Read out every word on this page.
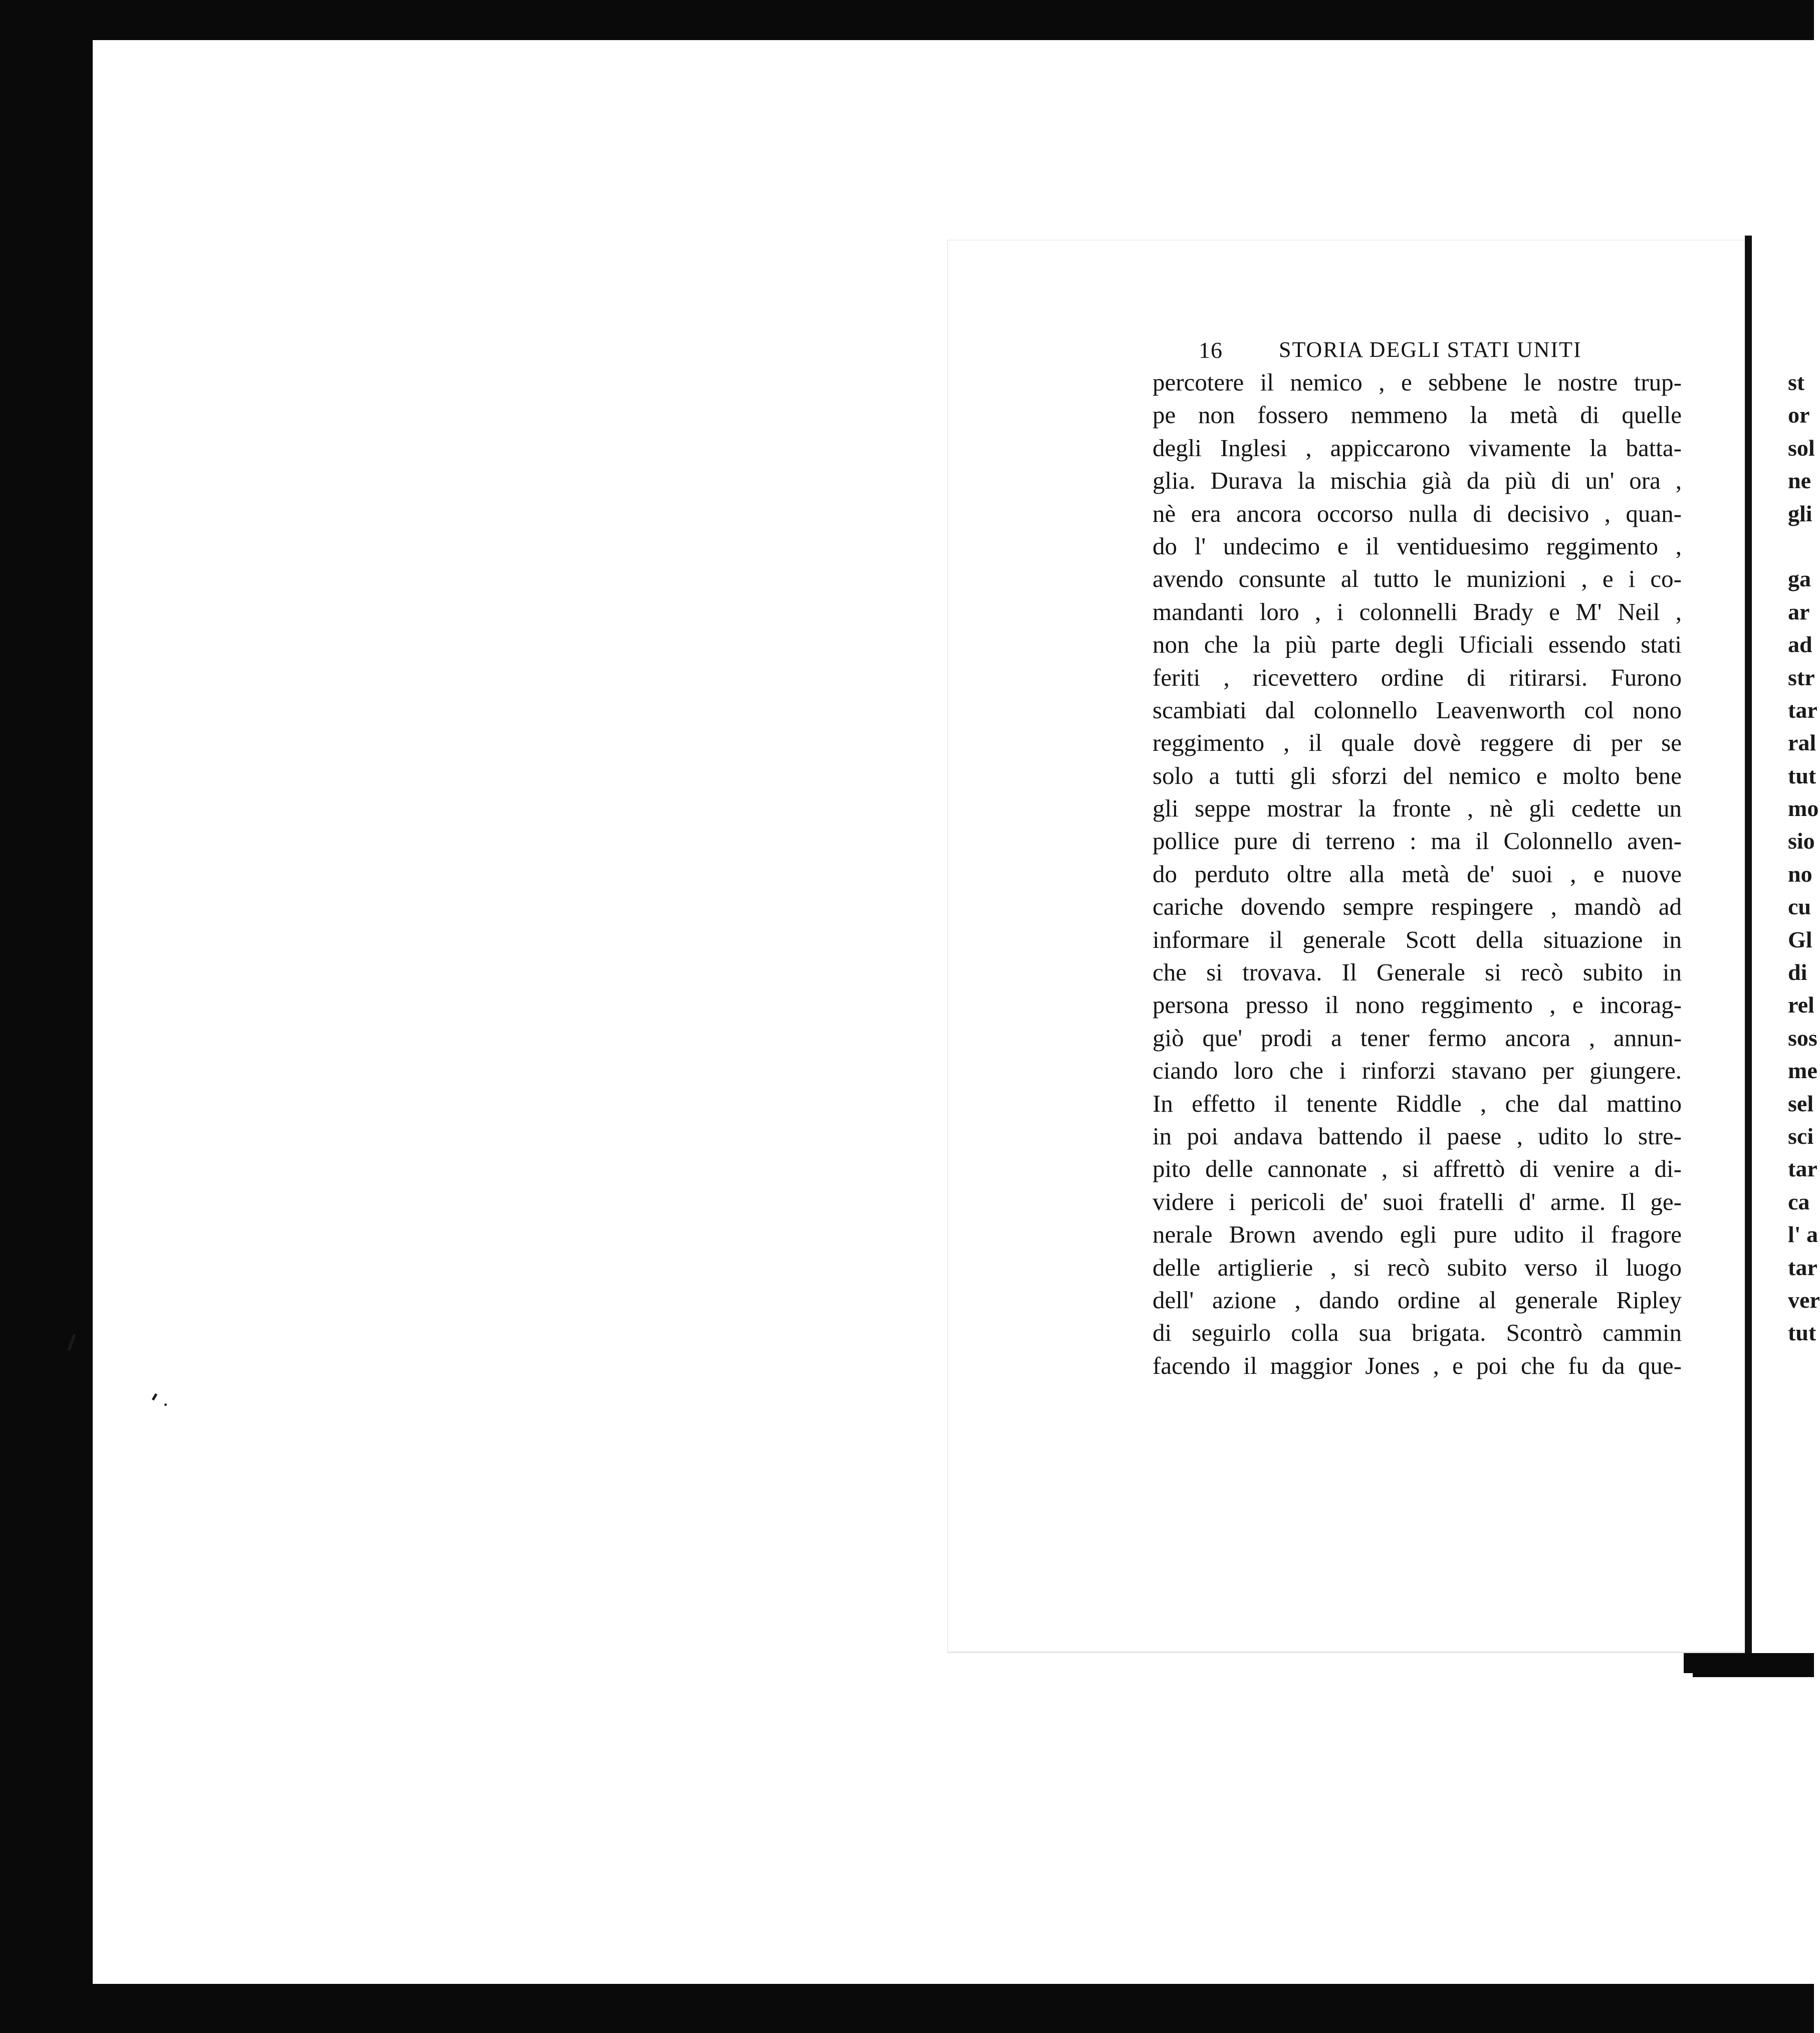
16	STORIA DEGLI STATI UNITI
percotere il nemico , e sebbene le nostre trup-
pe non fossero nemmeno la metà di quelle
degli Inglesi , appiccarono vivamente la batta-
glia. Durava la mischia già da più di un' ora ,
nè era ancora occorso nulla di decisivo , quan-
do l' undecimo e il ventiduesimo reggimento ,
avendo consunte al tutto le munizioni , e i co-
mandanti loro , i colonnelli Brady e M' Neil ,
non che la più parte degli Uficiali essendo stati
feriti , ricevettero ordine di ritirarsi. Furono
scambiati dal colonnello Leavenworth col nono
reggimento , il quale dovè reggere di per se
solo a tutti gli sforzi del nemico e molto bene
gli seppe mostrar la fronte , nè gli cedette un
pollice pure di terreno : ma il Colonnello aven-
do perduto oltre alla metà de' suoi , e nuove
cariche dovendo sempre respingere , mandò ad
informare il generale Scott della situazione in
che si trovava. Il Generale si recò subito in
persona presso il nono reggimento , e incorag-
giò que' prodi a tener fermo ancora , annun-
ciando loro che i rinforzi stavano per giungere.
In effetto il tenente Riddle , che dal mattino
in poi andava battendo il paese , udito lo stre-
pito delle cannonate , si affrettò di venire a di-
videre i pericoli de' suoi fratelli d' arme. Il ge-
nerale Brown avendo egli pure udito il fragore
delle artiglierie , si recò subito verso il luogo
dell' azione , dando ordine al generale Ripley
di seguirlo colla sua brigata. Scontrò cammin
facendo il maggior Jones , e poi che fu da que-
st
or
sol
ne
gli
ga
ar
ad
str
tar
ral
tut
mo
sio
no
cu
Gl
di
rel
sos
me
sel
sci
tar
ca
l' a
tar
ver
tut
